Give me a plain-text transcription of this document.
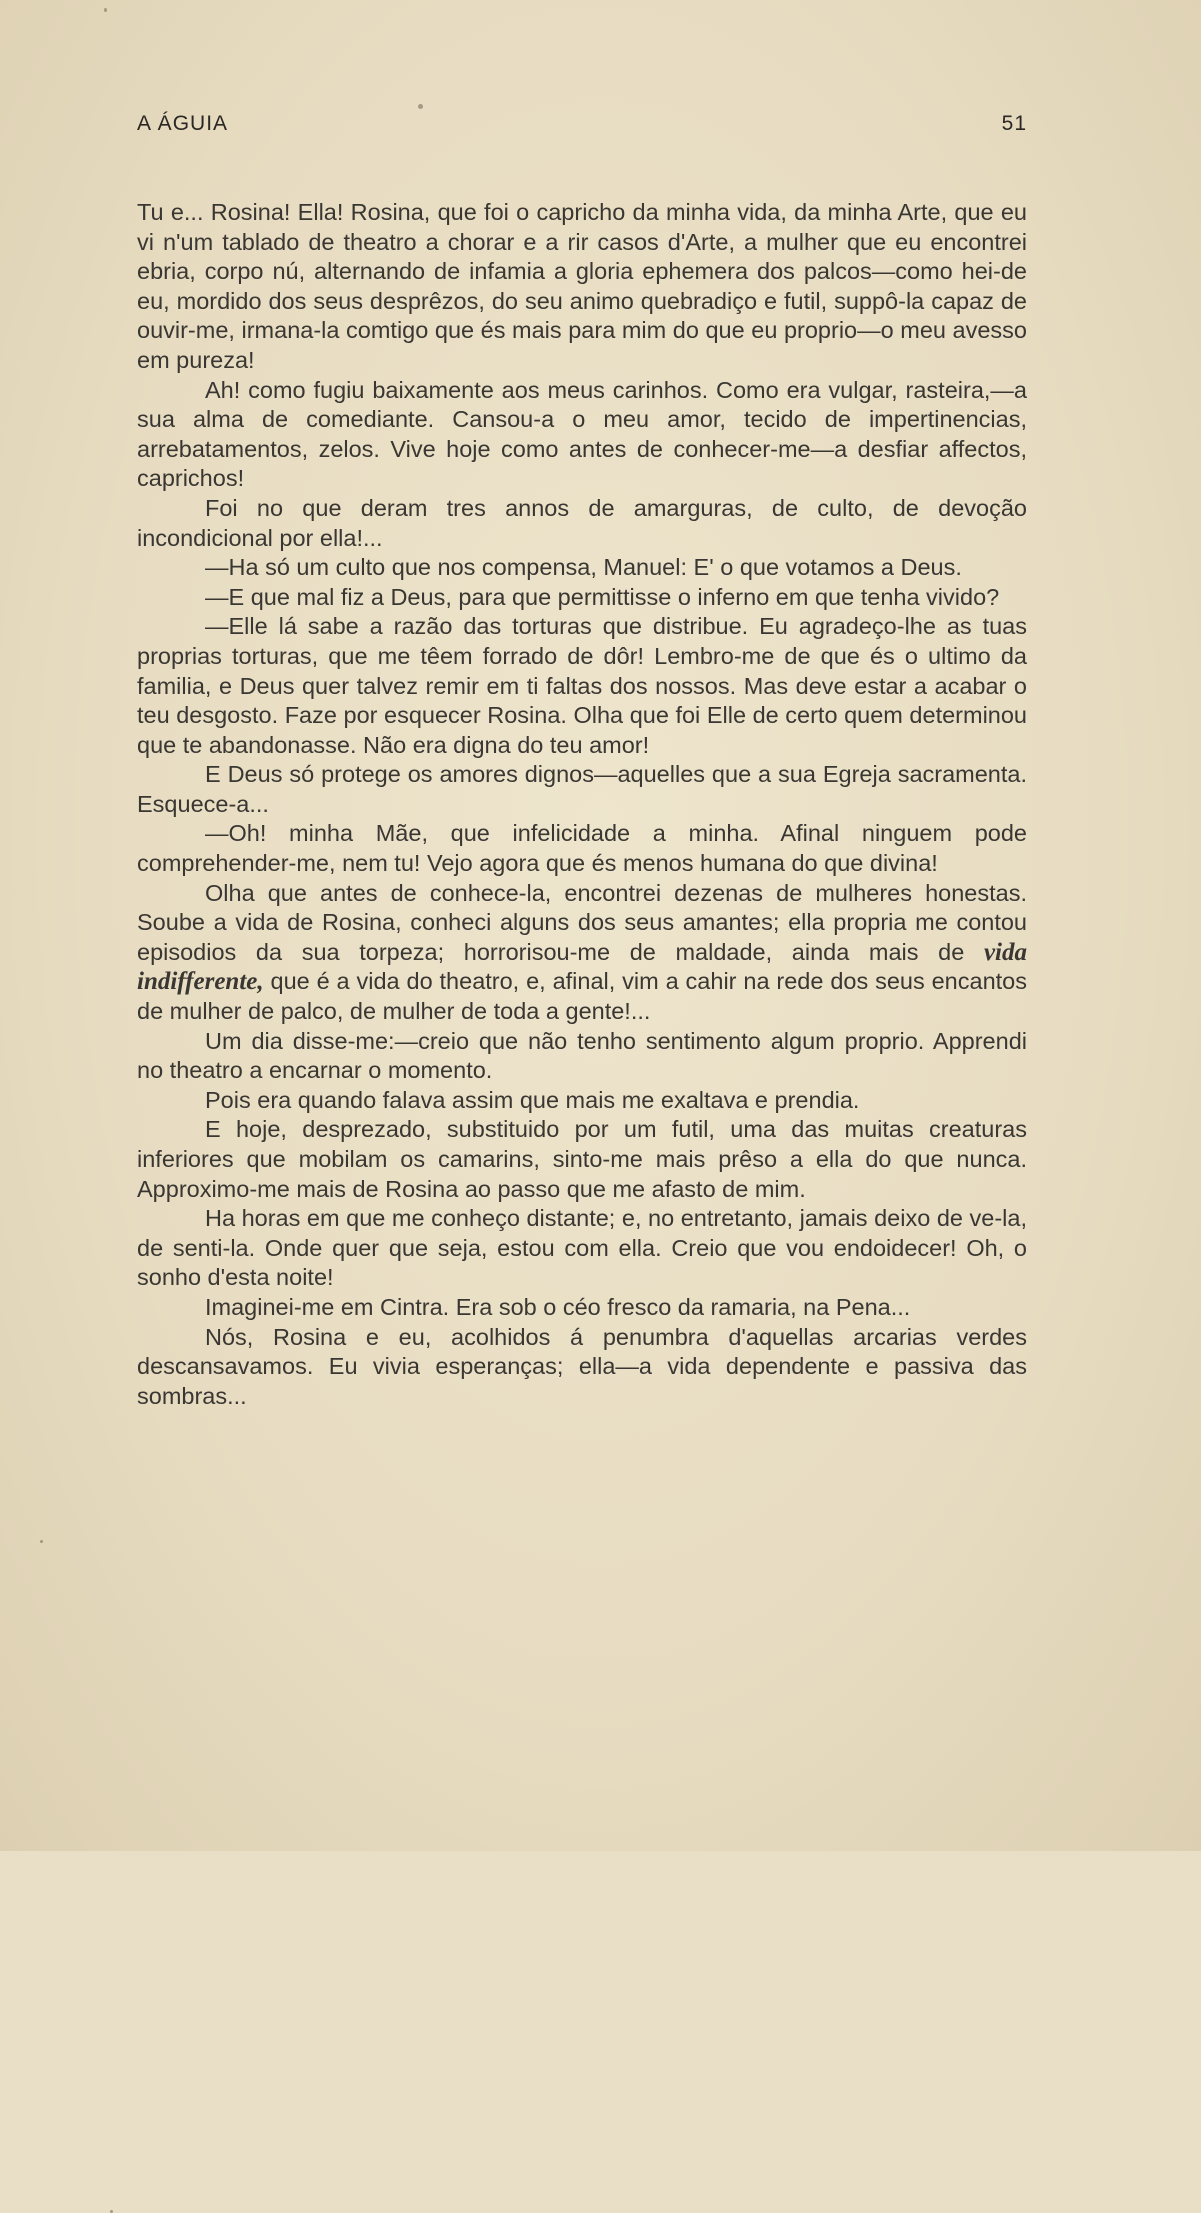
A ÁGUIA	51

Tu e... Rosina! Ella! Rosina, que foi o capricho da minha vida, da minha Arte, que eu vi n'um tablado de theatro a chorar e a rir casos d'Arte, a mulher que eu encontrei ebria, corpo nú, alternando de infamia a gloria ephemera dos palcos—como hei-de eu, mordido dos seus desprêzos, do seu animo quebradiço e futil, suppô-la capaz de ouvir-me, irmana-la comtigo que és mais para mim do que eu proprio—o meu avesso em pureza!

Ah! como fugiu baixamente aos meus carinhos. Como era vulgar, rasteira,—a sua alma de comediante. Cansou-a o meu amor, tecido de impertinencias, arrebatamentos, zelos. Vive hoje como antes de conhecer-me—a desfiar affectos, caprichos!

Foi no que deram tres annos de amarguras, de culto, de devoção incondicional por ella!...

—Ha só um culto que nos compensa, Manuel: E' o que votamos a Deus.

—E que mal fiz a Deus, para que permittisse o inferno em que tenha vivido?

—Elle lá sabe a razão das torturas que distribue. Eu agradeço-lhe as tuas proprias torturas, que me têem forrado de dôr! Lembro-me de que és o ultimo da familia, e Deus quer talvez remir em ti faltas dos nossos. Mas deve estar a acabar o teu desgosto. Faze por esquecer Rosina. Olha que foi Elle de certo quem determinou que te abandonasse. Não era digna do teu amor!

E Deus só protege os amores dignos—aquelles que a sua Egreja sacramenta. Esquece-a...

—Oh! minha Mãe, que infelicidade a minha. Afinal ninguem pode comprehender-me, nem tu! Vejo agora que és menos humana do que divina!

Olha que antes de conhece-la, encontrei dezenas de mulheres honestas. Soube a vida de Rosina, conheci alguns dos seus amantes; ella propria me contou episodios da sua torpeza; horrorisou-me de maldade, ainda mais de vida indifferente, que é a vida do theatro, e, afinal, vim a cahir na rede dos seus encantos de mulher de palco, de mulher de toda a gente!...

Um dia disse-me:—creio que não tenho sentimento algum proprio. Apprendi no theatro a encarnar o momento.

Pois era quando falava assim que mais me exaltava e prendia.

E hoje, desprezado, substituido por um futil, uma das muitas creaturas inferiores que mobilam os camarins, sinto-me mais prêso a ella do que nunca. Approximo-me mais de Rosina ao passo que me afasto de mim.

Ha horas em que me conheço distante; e, no entretanto, jamais deixo de ve-la, de senti-la. Onde quer que seja, estou com ella. Creio que vou endoidecer! Oh, o sonho d'esta noite!

Imaginei-me em Cintra. Era sob o céo fresco da ramaria, na Pena...

Nós, Rosina e eu, acolhidos á penumbra d'aquellas arcarias verdes descansavamos. Eu vivia esperanças; ella—a vida dependente e passiva das sombras...
